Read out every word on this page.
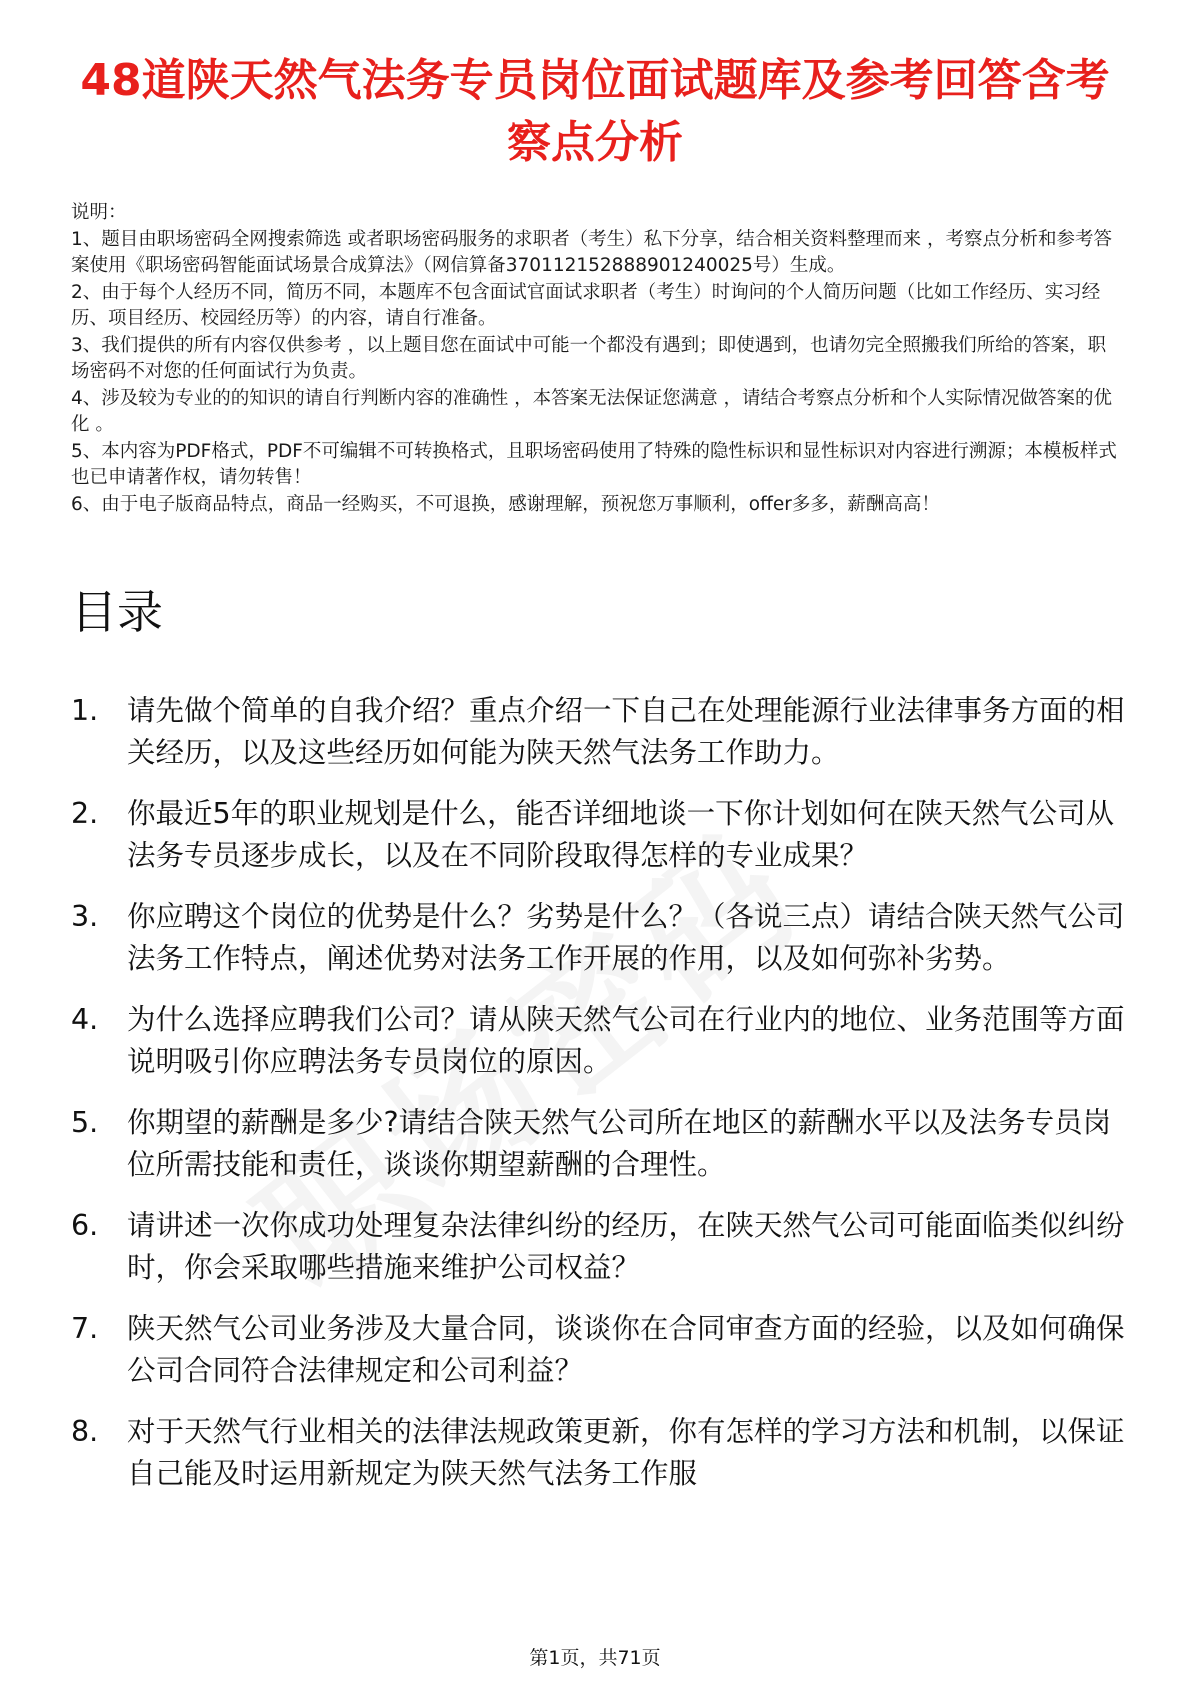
48道陕天然气法务专员岗位面试题库及参考回答含考察点分析
说明：
1、题目由职场密码全网搜索筛选 或者职场密码服务的求职者（考生）私下分享，结合相关资料整理而来 ，考察点分析和参考答案使用《职场密码智能面试场景合成算法》（网信算备370112152888901240025号）生成。
2、由于每个人经历不同，简历不同，本题库不包含面试官面试求职者（考生）时询问的个人简历问题（比如工作经历、实习经历、项目经历、校园经历等）的内容，请自行准备。
3、我们提供的所有内容仅供参考 ，以上题目您在面试中可能一个都没有遇到；即使遇到，也请勿完全照搬我们所给的答案，职场密码不对您的任何面试行为负责。
4、涉及较为专业的的知识的请自行判断内容的准确性 ，本答案无法保证您满意 ，请结合考察点分析和个人实际情况做答案的优化 。
5、本内容为PDF格式，PDF不可编辑不可转换格式，且职场密码使用了特殊的隐性标识和显性标识对内容进行溯源；本模板样式也已申请著作权，请勿转售！
6、由于电子版商品特点，商品一经购买，不可退换，感谢理解，预祝您万事顺利，offer多多，薪酬高高！
目录
1.	请先做个简单的自我介绍？重点介绍一下自己在处理能源行业法律事务方面的相关经历，以及这些经历如何能为陕天然气法务工作助力。
2.	你最近5年的职业规划是什么，能否详细地谈一下你计划如何在陕天然气公司从法务专员逐步成长，以及在不同阶段取得怎样的专业成果？
3.	你应聘这个岗位的优势是什么？劣势是什么？（各说三点）请结合陕天然气公司法务工作特点，阐述优势对法务工作开展的作用，以及如何弥补劣势。
4.	为什么选择应聘我们公司？请从陕天然气公司在行业内的地位、业务范围等方面说明吸引你应聘法务专员岗位的原因。
5.	你期望的薪酬是多少?请结合陕天然气公司所在地区的薪酬水平以及法务专员岗位所需技能和责任，谈谈你期望薪酬的合理性。
6.	请讲述一次你成功处理复杂法律纠纷的经历，在陕天然气公司可能面临类似纠纷时，你会采取哪些措施来维护公司权益？
7.	陕天然气公司业务涉及大量合同，谈谈你在合同审查方面的经验，以及如何确保公司合同符合法律规定和公司利益？
8.	对于天然气行业相关的法律法规政策更新，你有怎样的学习方法和机制，以保证自己能及时运用新规定为陕天然气法务工作服
第1页，共71页
